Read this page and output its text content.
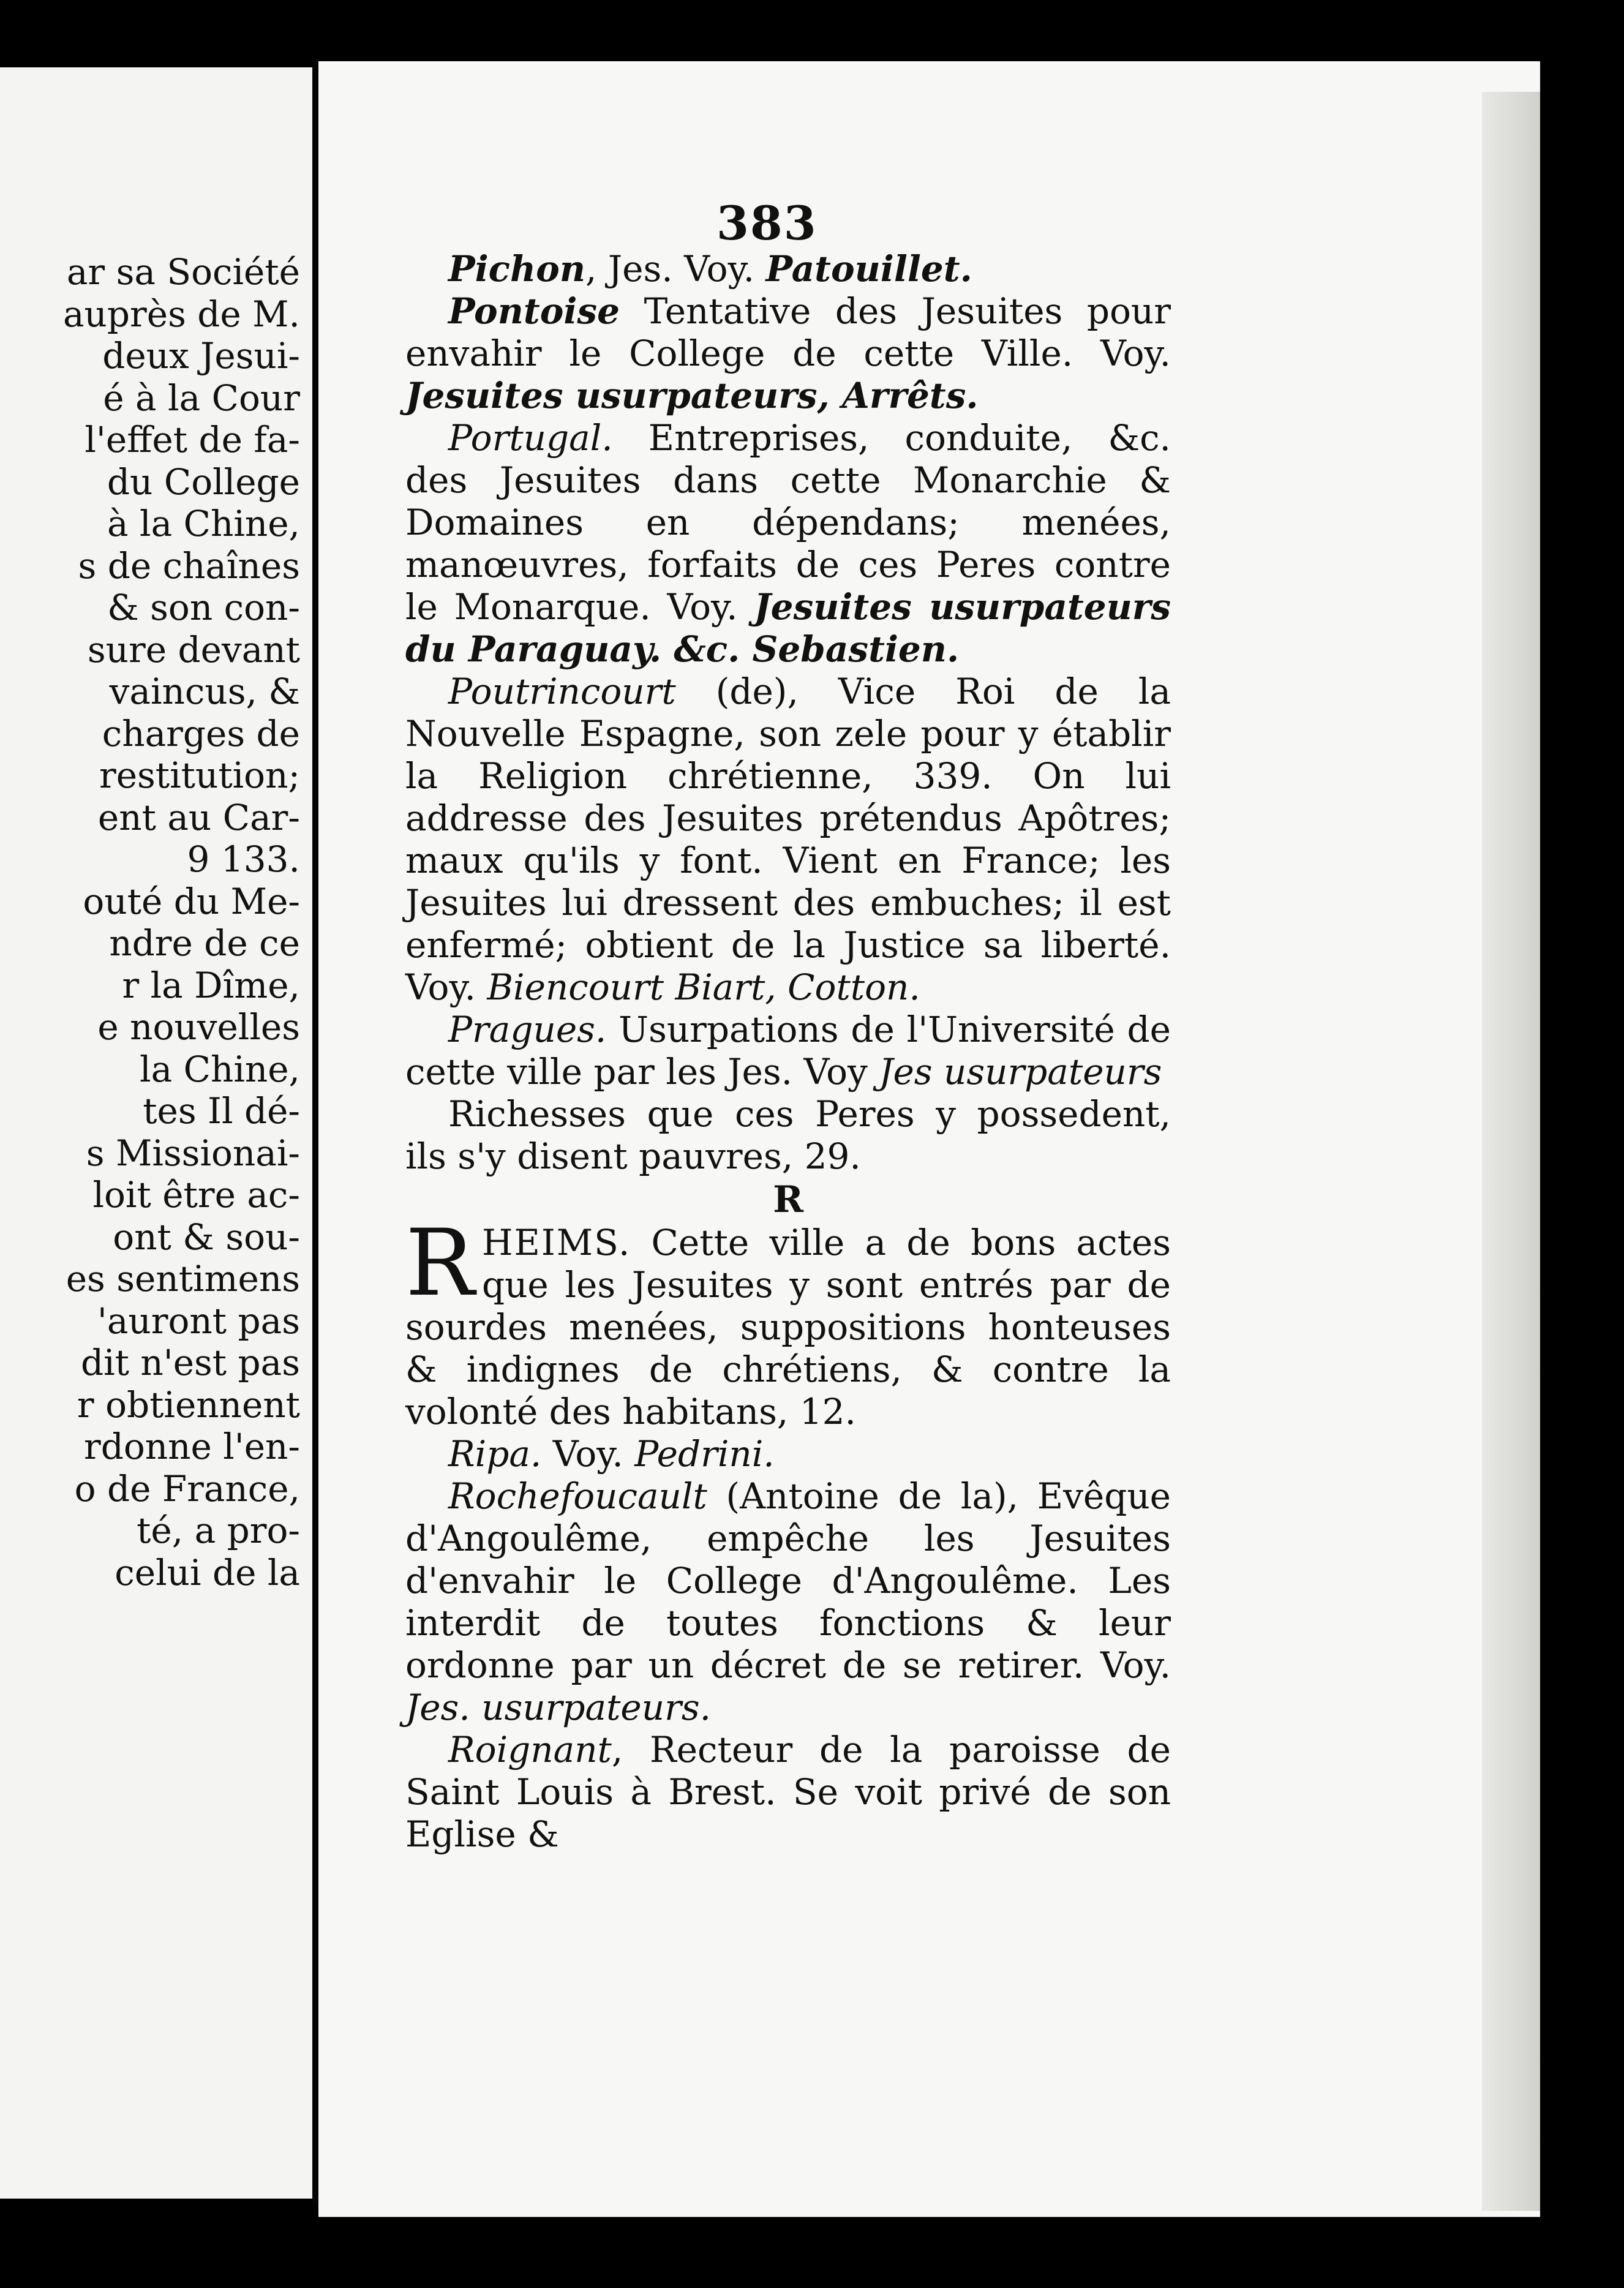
ar sa Société
auprès de M.
deux Jesui-
é à la Cour
l'effet de fa-
du College
à la Chine,
s de chaînes
& son con-
sure devant
vaincus, &
charges de
restitution;
ent au Car-
9 133.
outé du Me-
ndre de ce
r la Dîme,
e nouvelles
la Chine,
tes Il dé-
s Missionai-
loit être ac-
ont & sou-
es sentimens
'auront pas
dit n'est pas
r obtiennent
rdonne l'en-
o de France,
té, a pro-
celui de la
383

Pichon, Jes. Voy. Patouillet.

Pontoise Tentative des Jesuites pour envahir le College de cette Ville. Voy. Jesuites usurpateurs, Arrêts.

Portugal. Entreprises, conduite, &c. des Jesuites dans cette Monarchie & Domaines en dépendans; menées, manœuvres, forfaits de ces Peres contre le Monarque. Voy. Jesuites usurpateurs du Paraguay. &c. Sebastien.

Poutrincourt (de), Vice Roi de la Nouvelle Espagne, son zele pour y établir la Religion chrétienne, 339. On lui addresse des Jesuites prétendus Apôtres; maux qu'ils y font. Vient en France; les Jesuites lui dressent des embuches; il est enfermé; obtient de la Justice sa liberté. Voy. Biencourt Biart, Cotton.

Pragues. Usurpations de l'Université de cette ville par les Jes. Voy Jes usurpateurs

Richesses que ces Peres y possedent, ils s'y disent pauvres, 29.

R

RHEIMS. Cette ville a de bons actes que les Jesuites y sont entrés par de sourdes menées, suppositions honteuses & indignes de chrétiens, & contre la volonté des habitans, 12.

Ripa. Voy. Pedrini.

Rochefoucault (Antoine de la), Evêque d'Angoulême, empêche les Jesuites d'envahir le College d'Angoulême. Les interdit de toutes fonctions & leur ordonne par un décret de se retirer. Voy. Jes. usurpateurs.

Roignant, Recteur de la paroisse de Saint Louis à Brest. Se voit privé de son Eglise &
